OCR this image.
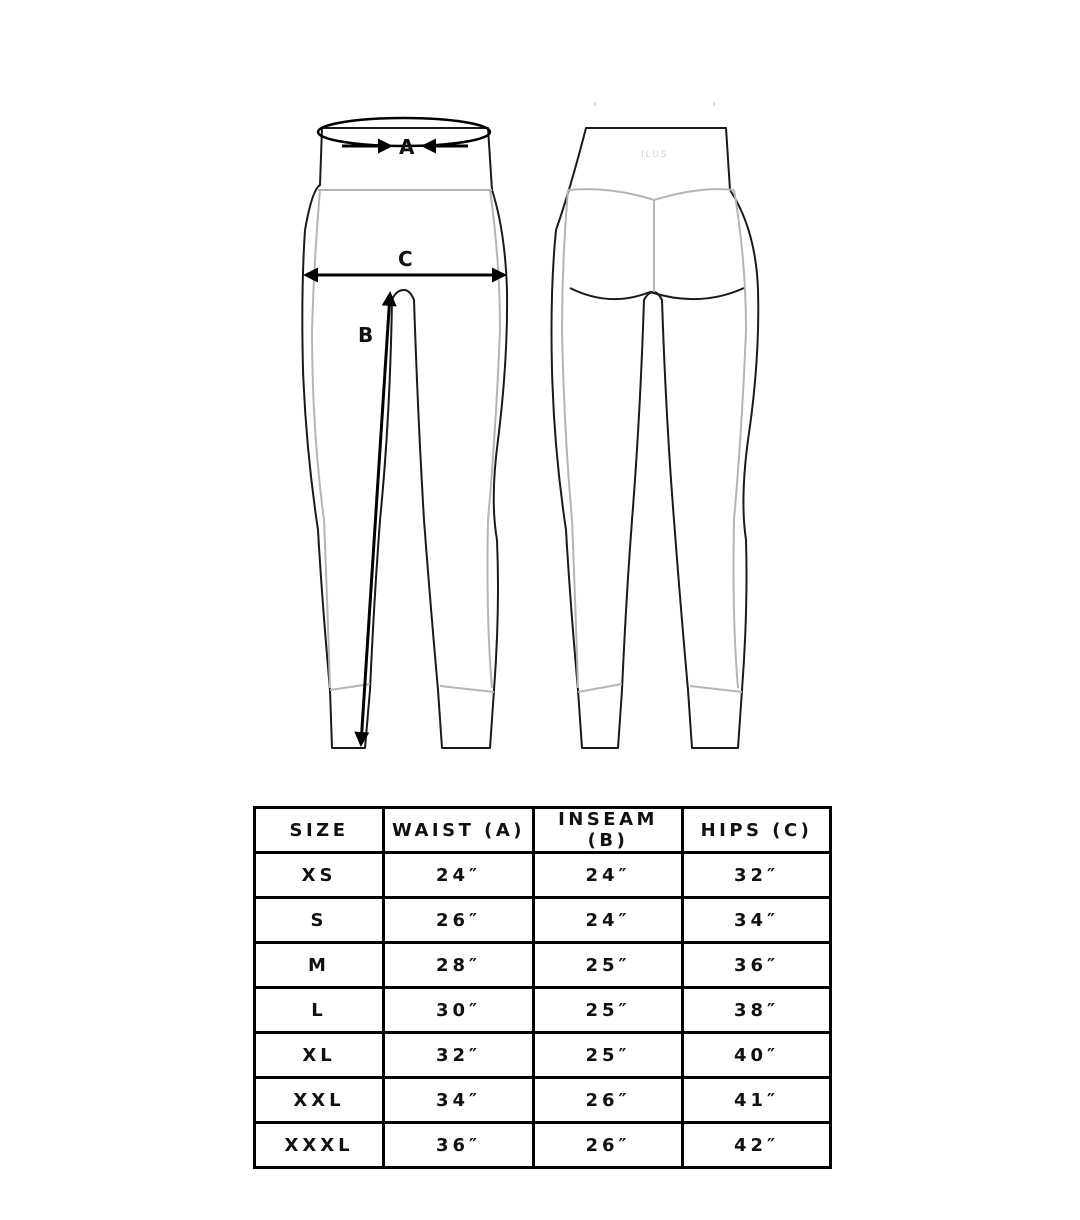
A
C
B
ILUS
SIZE	WAIST (A)	INSEAM (B)	HIPS (C)
XS	24″	24″	32″
S	26″	24″	34″
M	28″	25″	36″
L	30″	25″	38″
XL	32″	25″	40″
XXL	34″	26″	41″
XXXL	36″	26″	42″
